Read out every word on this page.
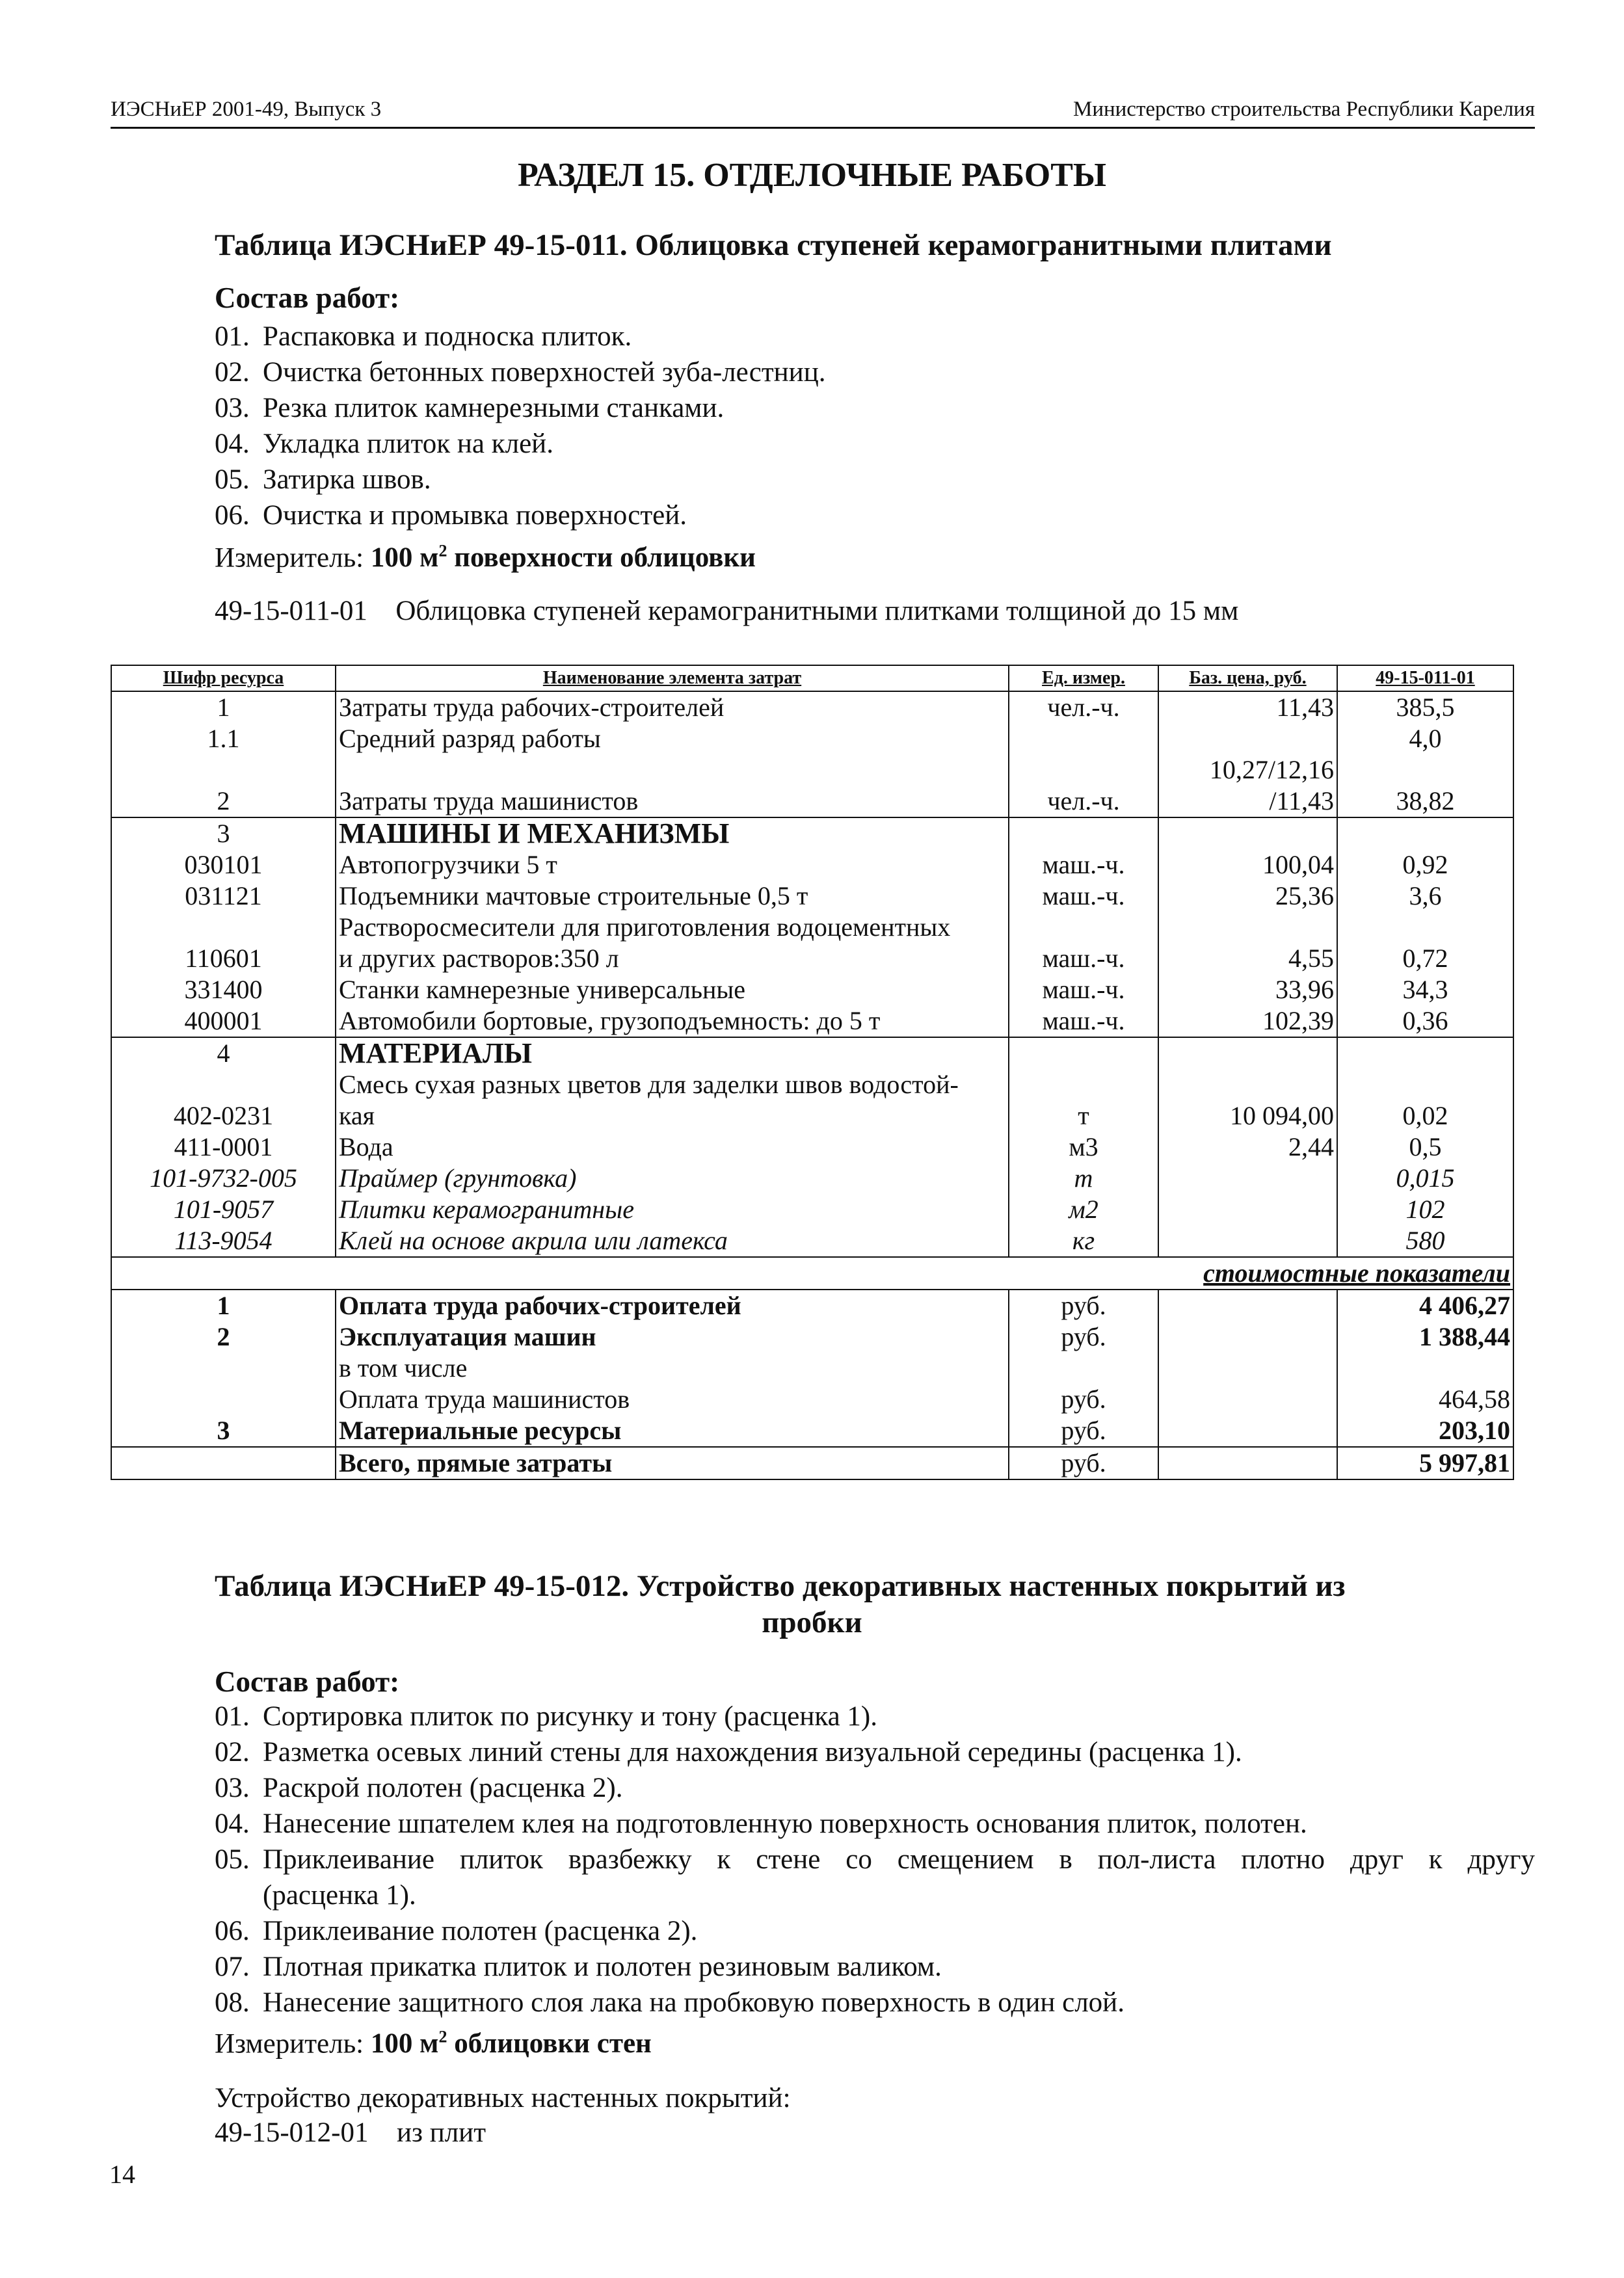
ИЭСНиЕР 2001-49, Выпуск 3	Министерство строительства Республики Карелия
РАЗДЕЛ 15. ОТДЕЛОЧНЫЕ РАБОТЫ
Таблица ИЭСНиЕР 49-15-011. Облицовка ступеней керамогранитными плитами
Состав работ:
01. Распаковка и подноска плиток.
02. Очистка бетонных поверхностей зуба-лестниц.
03. Резка плиток камнерезными станками.
04. Укладка плиток на клей.
05. Затирка швов.
06. Очистка и промывка поверхностей.
Измеритель: 100 $м^2$ поверхности облицовки
49-15-011-01 Облицовка ступеней керамогранитными плитками толщиной до 15 мм
Шифр ресурса	Наименование элемента затрат	Ед. измер.	Баз. цена, руб.	49-15-011-01
1	Затраты труда рабочих-строителей	чел.-ч.	11,43	385,5
1.1	Средний разряд работы			4,0
			10,27/12,16	
2	Затраты труда машинистов	чел.-ч.	/11,43	38,82
3	МАШИНЫ И МЕХАНИЗМЫ			
030101	Автопогрузчики 5 т	маш.-ч.	100,04	0,92
031121	Подъемники мачтовые строительные 0,5 т	маш.-ч.	25,36	3,6
	Растворосмесители для приготовления водоцементных			
110601	и других растворов:350 л	маш.-ч.	4,55	0,72
331400	Станки камнерезные универсальные	маш.-ч.	33,96	34,3
400001	Автомобили бортовые, грузоподъемность: до 5 т	маш.-ч.	102,39	0,36
4	МАТЕРИАЛЫ			
	Смесь сухая разных цветов для заделки швов водостой-			
402-0231	кая	т	10 094,00	0,02
411-0001	Вода	м3	2,44	0,5
101-9732-005	Праймер (грунтовка)	т		0,015
101-9057	Плитки керамогранитные	м2		102
113-9054	Клей на основе акрила или латекса	кг		580
стоимостные показатели				
1	Оплата труда рабочих-строителей	руб.		4 406,27
2	Эксплуатация машин	руб.		1 388,44
	в том числе			
	Оплата труда машинистов	руб.		464,58
3	Материальные ресурсы	руб.		203,10
	Всего, прямые затраты	руб.		5 997,81
Таблица ИЭСНиЕР 49-15-012. Устройство декоративных настенных покрытий из
пробки
Состав работ:
01. Сортировка плиток по рисунку и тону (расценка 1).
02. Разметка осевых линий стены для нахождения визуальной середины (расценка 1).
03. Раскрой полотен (расценка 2).
04. Нанесение шпателем клея на подготовленную поверхность основания плиток, полотен.
05. Приклеивание плиток вразбежку к стене со смещением в пол-листа плотно друг к другу
(расценка 1).
06. Приклеивание полотен (расценка 2).
07. Плотная прикатка плиток и полотен резиновым валиком.
08. Нанесение защитного слоя лака на пробковую поверхность в один слой.
Измеритель: 100 $м^2$ облицовки стен
Устройство декоративных настенных покрытий:
49-15-012-01 из плит
14
